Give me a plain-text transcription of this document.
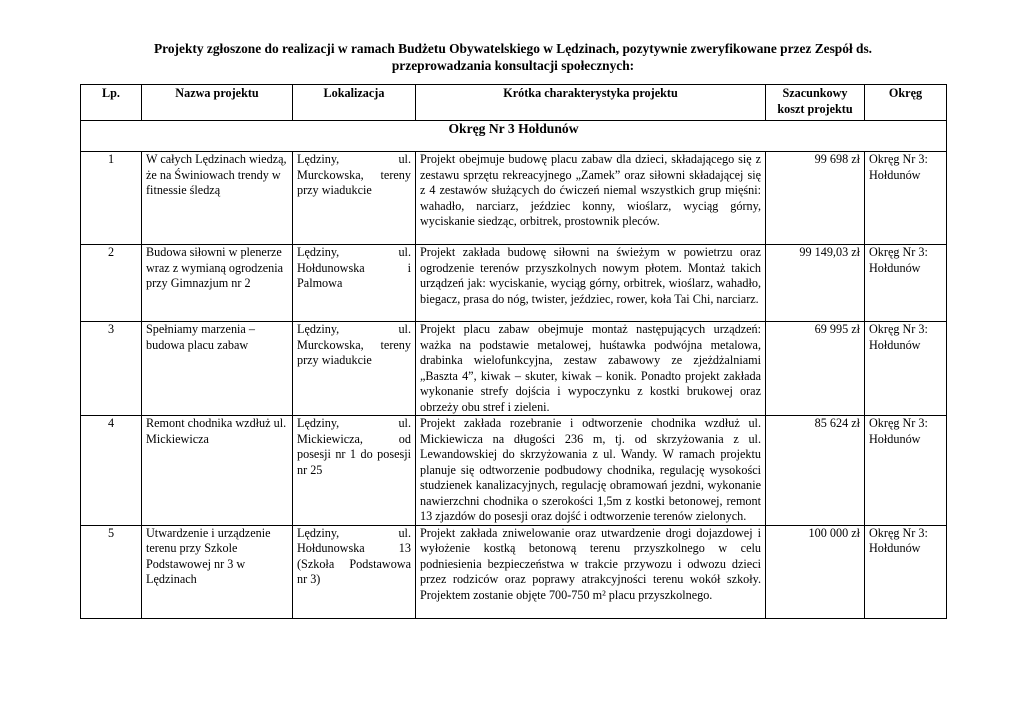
Projekty zgłoszone do realizacji w ramach Budżetu Obywatelskiego w Lędzinach, pozytywnie zweryfikowane przez Zespół ds.
przeprowadzania konsultacji społecznych:
Lp.	Nazwa projektu	Lokalizacja	Krótka charakterystyka projektu	Szacunkowy koszt projektu	Okręg
Okręg Nr 3 Hołdunów					
1	W całych Lędzinach wiedzą, że na Świniowach trendy w fitnessie śledzą	Lędziny, ul. Murckowska, tereny przy wiadukcie	Projekt obejmuje budowę placu zabaw dla dzieci, składającego się z zestawu sprzętu rekreacyjnego „Zamek” oraz siłowni składającej się z 4 zestawów służących do ćwiczeń niemal wszystkich grup mięśni: wahadło, narciarz, jeździec konny, wioślarz, wyciąg górny, wyciskanie siedząc, orbitrek, prostownik pleców.	99 698 zł	Okręg Nr 3: Hołdunów
2	Budowa siłowni w plenerze wraz z wymianą ogrodzenia przy Gimnazjum nr 2	Lędziny, ul. Hołdunowska i Palmowa	Projekt zakłada budowę siłowni na świeżym w powietrzu oraz ogrodzenie terenów przyszkolnych nowym płotem. Montaż takich urządzeń jak: wyciskanie, wyciąg górny, orbitrek, wioślarz, wahadło, biegacz, prasa do nóg, twister, jeździec, rower, koła Tai Chi, narciarz.	99 149,03 zł	Okręg Nr 3: Hołdunów
3	Spełniamy marzenia – budowa placu zabaw	Lędziny, ul. Murckowska, tereny przy wiadukcie	Projekt placu zabaw obejmuje montaż następujących urządzeń: ważka na podstawie metalowej, huśtawka podwójna metalowa, drabinka wielofunkcyjna, zestaw zabawowy ze zjeżdżalniami „Baszta 4”, kiwak – skuter, kiwak – konik. Ponadto projekt zakłada wykonanie strefy dojścia i wypoczynku z kostki brukowej oraz obrzeży obu stref i zieleni.	69 995 zł	Okręg Nr 3: Hołdunów
4	Remont chodnika wzdłuż ul. Mickiewicza	Lędziny, ul. Mickiewicza, od posesji nr 1 do posesji nr 25	Projekt zakłada rozebranie i odtworzenie chodnika wzdłuż ul. Mickiewicza na długości 236 m, tj. od skrzyżowania z ul. Lewandowskiej do skrzyżowania z ul. Wandy. W ramach projektu planuje się odtworzenie podbudowy chodnika, regulację wysokości studzienek kanalizacyjnych, regulację obramowań jezdni, wykonanie nawierzchni chodnika o szerokości 1,5m z kostki betonowej, remont 13 zjazdów do posesji oraz dojść i odtworzenie terenów zielonych.	85 624 zł	Okręg Nr 3: Hołdunów
5	Utwardzenie i urządzenie terenu przy Szkole Podstawowej nr 3 w Lędzinach	Lędziny, ul. Hołdunowska 13 (Szkoła Podstawowa nr 3)	Projekt zakłada zniwelowanie oraz utwardzenie drogi dojazdowej i wyłożenie kostką betonową terenu przyszkolnego w celu podniesienia bezpieczeństwa w trakcie przywozu i odwozu dzieci przez rodziców oraz poprawy atrakcyjności terenu wokół szkoły. Projektem zostanie objęte 700-750 m² placu przyszkolnego.	100 000 zł	Okręg Nr 3: Hołdunów
